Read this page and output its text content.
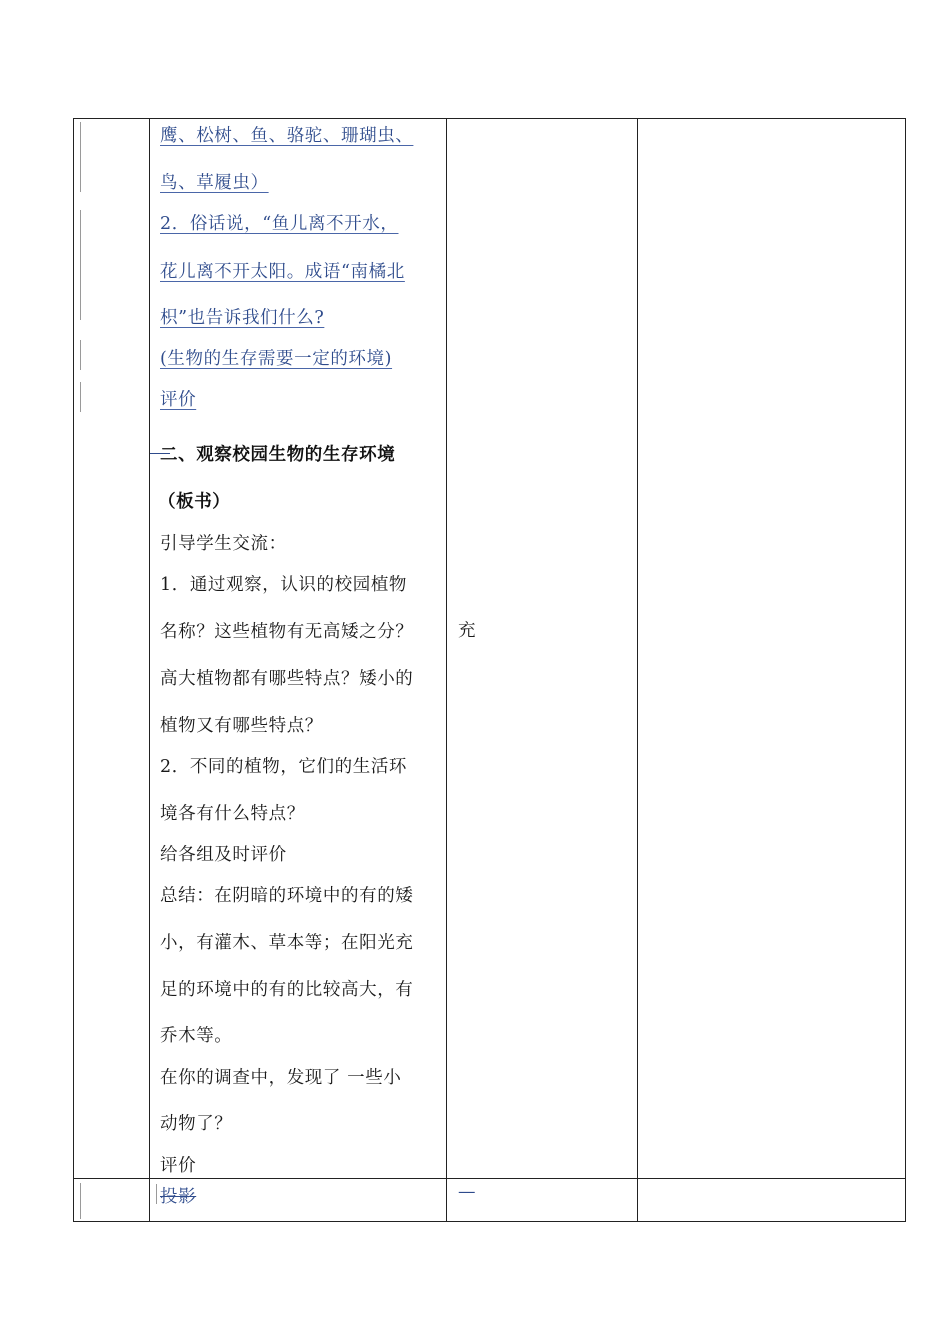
鹰、松树、鱼、骆驼、珊瑚虫、
鸟、草履虫）
2．俗话说，“鱼儿离不开水，
花儿离不开太阳。成语“南橘北
枳”也告诉我们什么?
(生物的生存需要一定的环境)
评价
二、观察校园生物的生存环境
（板书）
引导学生交流：
1．通过观察，认识的校园植物
名称？这些植物有无高矮之分？
高大植物都有哪些特点？矮小的
植物又有哪些特点？
2．不同的植物，它们的生活环
境各有什么特点？
给各组及时评价
总结：在阴暗的环境中的有的矮
小，有灌木、草本等；在阳光充
足的环境中的有的比较高大，有
乔木等。
在你的调查中，发现了 一些小
动物了？
评价
充
投影	—
